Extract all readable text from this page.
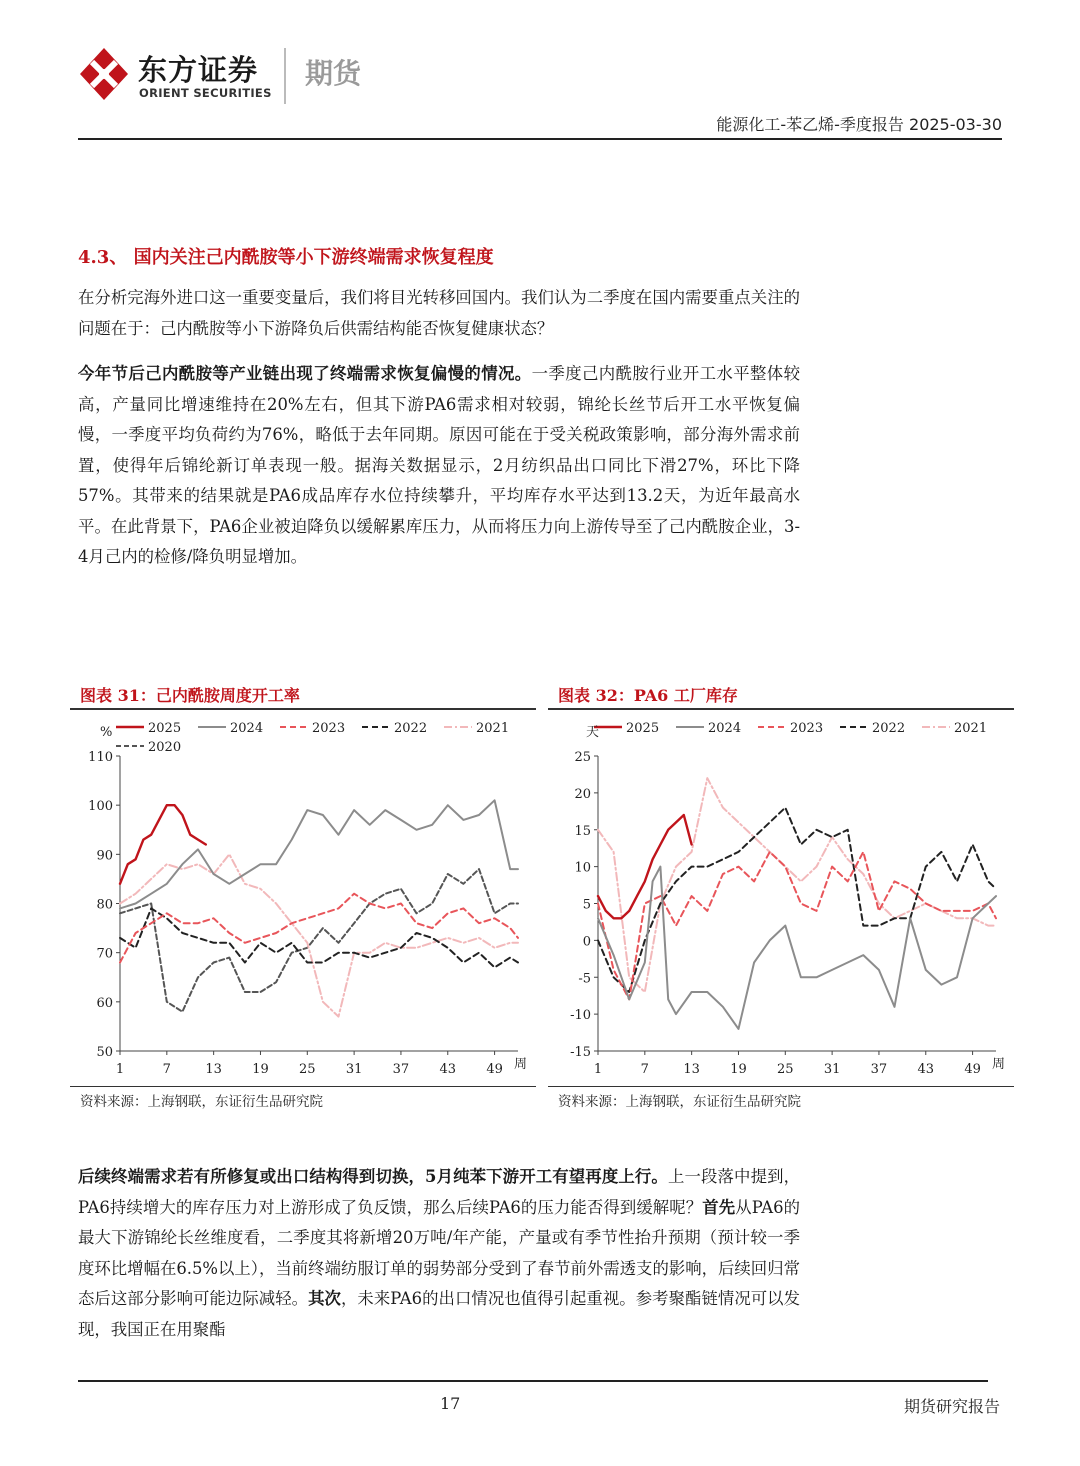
东方证券
ORIENT SECURITIES
期货
能源化工-苯乙烯-季度报告 2025-03-30
4.3、 国内关注己内酰胺等小下游终端需求恢复程度

在分析完海外进口这一重要变量后，我们将目光转移回国内。我们认为二季度在国内需要重点关注的问题在于：己内酰胺等小下游降负后供需结构能否恢复健康状态？

今年节后己内酰胺等产业链出现了终端需求恢复偏慢的情况。一季度己内酰胺行业开工水平整体较高，产量同比增速维持在20%左右，但其下游PA6需求相对较弱，锦纶长丝节后开工水平恢复偏慢，一季度平均负荷约为76%，略低于去年同期。原因可能在于受关税政策影响，部分海外需求前置，使得年后锦纶新订单表现一般。据海关数据显示，2月纺织品出口同比下滑27%，环比下降57%。其带来的结果就是PA6成品库存水位持续攀升，平均库存水平达到13.2天，为近年最高水平。在此背景下，PA6企业被迫降负以缓解累库压力，从而将压力向上游传导至了己内酰胺企业，3-4月己内的检修/降负明显增加。

图表 31：己内酰胺周度开工率
2025	2024	2023	2022	2021
2020
50
60
70
80
90
100
110
%
1	7	13 19 25 31 37 43 49 周
资料来源：上海钢联，东证衍生品研究院
图表 32：PA6 工厂库存
2025	2024	2023	2022	2021
-15
-10
-5
0
5
10
15
20
25
天
1	7	13 19 25 31 37 43 49 周
资料来源：上海钢联，东证衍生品研究院

后续终端需求若有所修复或出口结构得到切换，5月纯苯下游开工有望再度上行。上一段落中提到，PA6持续增大的库存压力对上游形成了负反馈，那么后续PA6的压力能否得到缓解呢？首先从PA6的最大下游锦纶长丝维度看，二季度其将新增20万吨/年产能，产量或有季节性抬升预期（预计较一季度环比增幅在6.5%以上），当前终端纺服订单的弱势部分受到了春节前外需透支的影响，后续回归常态后这部分影响可能边际减轻。其次，未来PA6的出口情况也值得引起重视。参考聚酯链情况可以发现，我国正在用聚酯

17	期货研究报告
